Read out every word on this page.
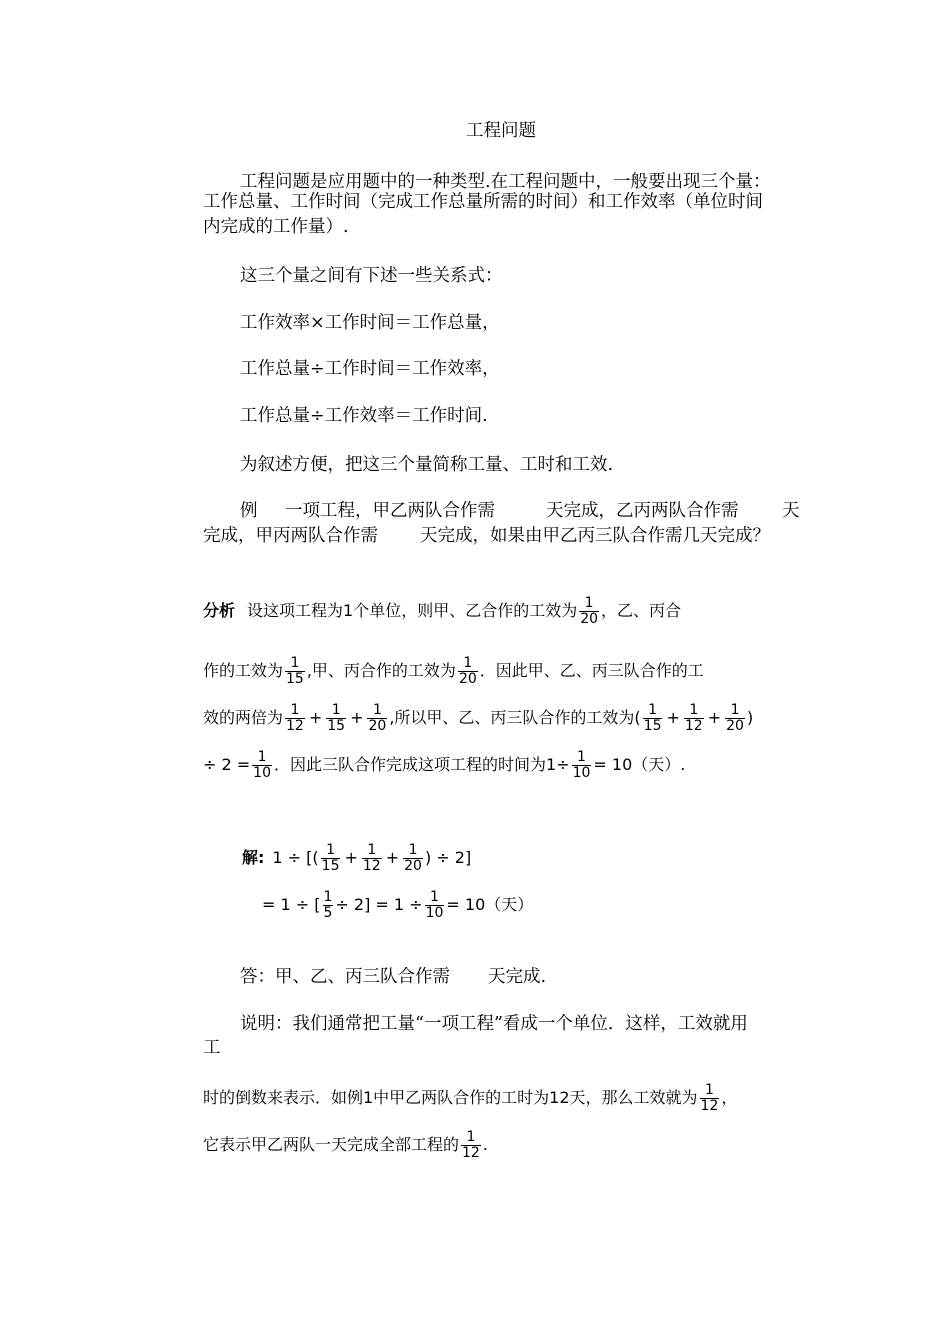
工程问题
工程问题是应用题中的一种类型.在工程问题中，一般要出现三个量：
工作总量、工作时间（完成工作总量所需的时间）和工作效率（单位时间
内完成的工作量）.
这三个量之间有下述一些关系式：
工作效率×工作时间＝工作总量，
工作总量÷工作时间＝工作效率，
工作总量÷工作效率＝工作时间.
为叙述方便，把这三个量简称工量、工时和工效.
例 一项工程，甲乙两队合作需	天完成，乙丙两队合作需 天
完成，甲丙两队合作需 天完成，如果由甲乙丙三队合作需几天完成？
分析 设这项工程为1个单位，则甲、乙合作的工效为 $\frac{1}{20}$ ，乙、丙合
作的工效为 $\frac{1}{15}$ ,甲、丙合作的工效为 $\frac{1}{20}$ ．因此甲、乙、丙三队合作的工
效的两倍为 $\frac{1}{12} + \frac{1}{15} + \frac{1}{20}$ ,所以甲、乙、丙三队合作的工效为( $\frac{1}{15} + \frac{1}{12} + \frac{1}{20}$ )
÷ $2 = \frac{1}{10}$ ．因此三队合作完成这项工程的时间为$1\div \frac{1}{10} = 10$（天）.
解: 1 ÷ [( $\frac{1}{15} + \frac{1}{12} + \frac{1}{20}$ ) ÷ 2]
= 1 ÷ [ $\frac{1}{5} \div 2] = 1 \div \frac{1}{10} = 10$（天）
答：甲、乙、丙三队合作需 天完成.
说明：我们通常把工量“一项工程”看成一个单位．这样，工效就用
工
时的倒数来表示．如例1中甲乙两队合作的工时为12天，那么工效就为 $\frac{1}{12}$ ，
它表示甲乙两队一天完成全部工程的 $\frac{1}{12}$ .
